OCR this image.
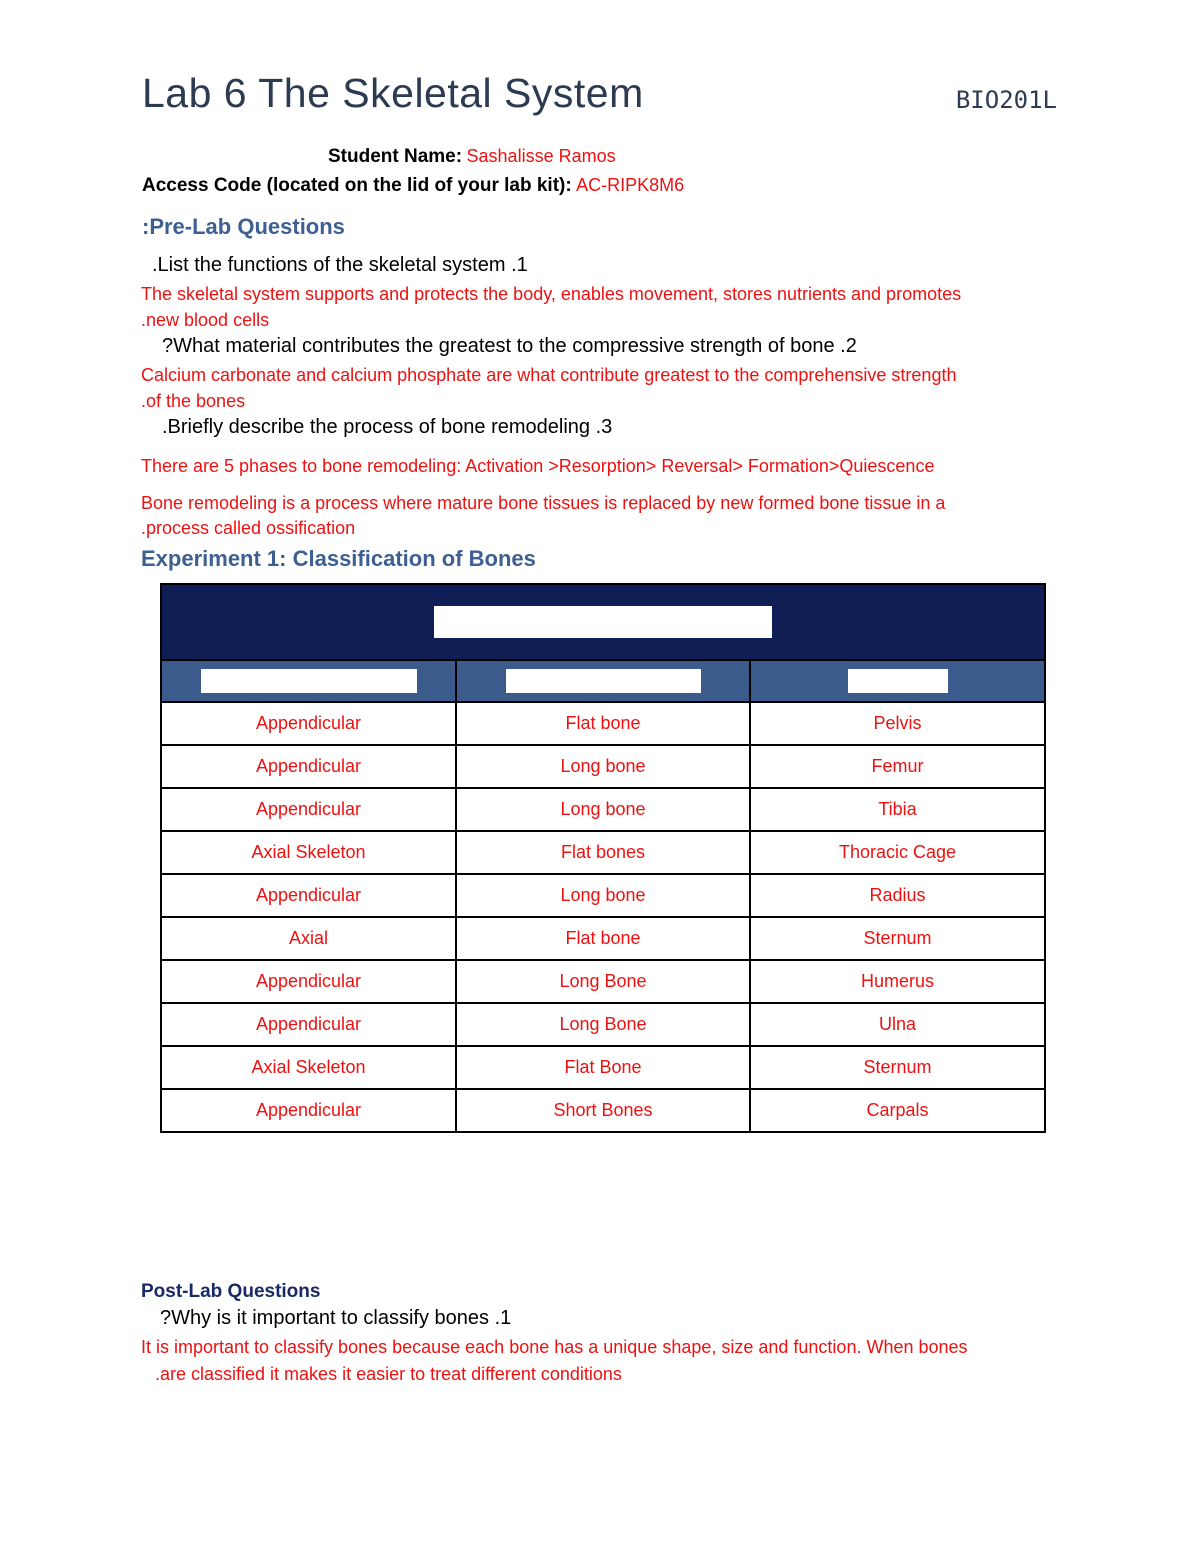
Lab 6 The Skeletal System	BIO201L
Student Name: Sashalisse Ramos
Access Code (located on the lid of your lab kit): AC-RIPK8M6
:Pre-Lab Questions
.List the functions of the skeletal system .1
The skeletal system supports and protects the body, enables movement, stores nutrients and promotes
.new blood cells
?What material contributes the greatest to the compressive strength of bone .2
Calcium carbonate and calcium phosphate are what contribute greatest to the comprehensive strength
.of the bones
.Briefly describe the process of bone remodeling .3
There are 5 phases to bone remodeling: Activation >Resorption> Reversal> Formation>Quiescence
Bone remodeling is a process where mature bone tissues is replaced by new formed bone tissue in a
.process called ossification
Experiment 1: Classification of Bones

Appendicular	Flat bone	Pelvis
Appendicular	Long bone	Femur
Appendicular	Long bone	Tibia
Axial Skeleton	Flat bones	Thoracic Cage
Appendicular	Long bone	Radius
Axial	Flat bone	Sternum
Appendicular	Long Bone	Humerus
Appendicular	Long Bone	Ulna
Axial Skeleton	Flat Bone	Sternum
Appendicular	Short Bones	Carpals
Post-Lab Questions
?Why is it important to classify bones .1
It is important to classify bones because each bone has a unique shape, size and function. When bones
.are classified it makes it easier to treat different conditions
